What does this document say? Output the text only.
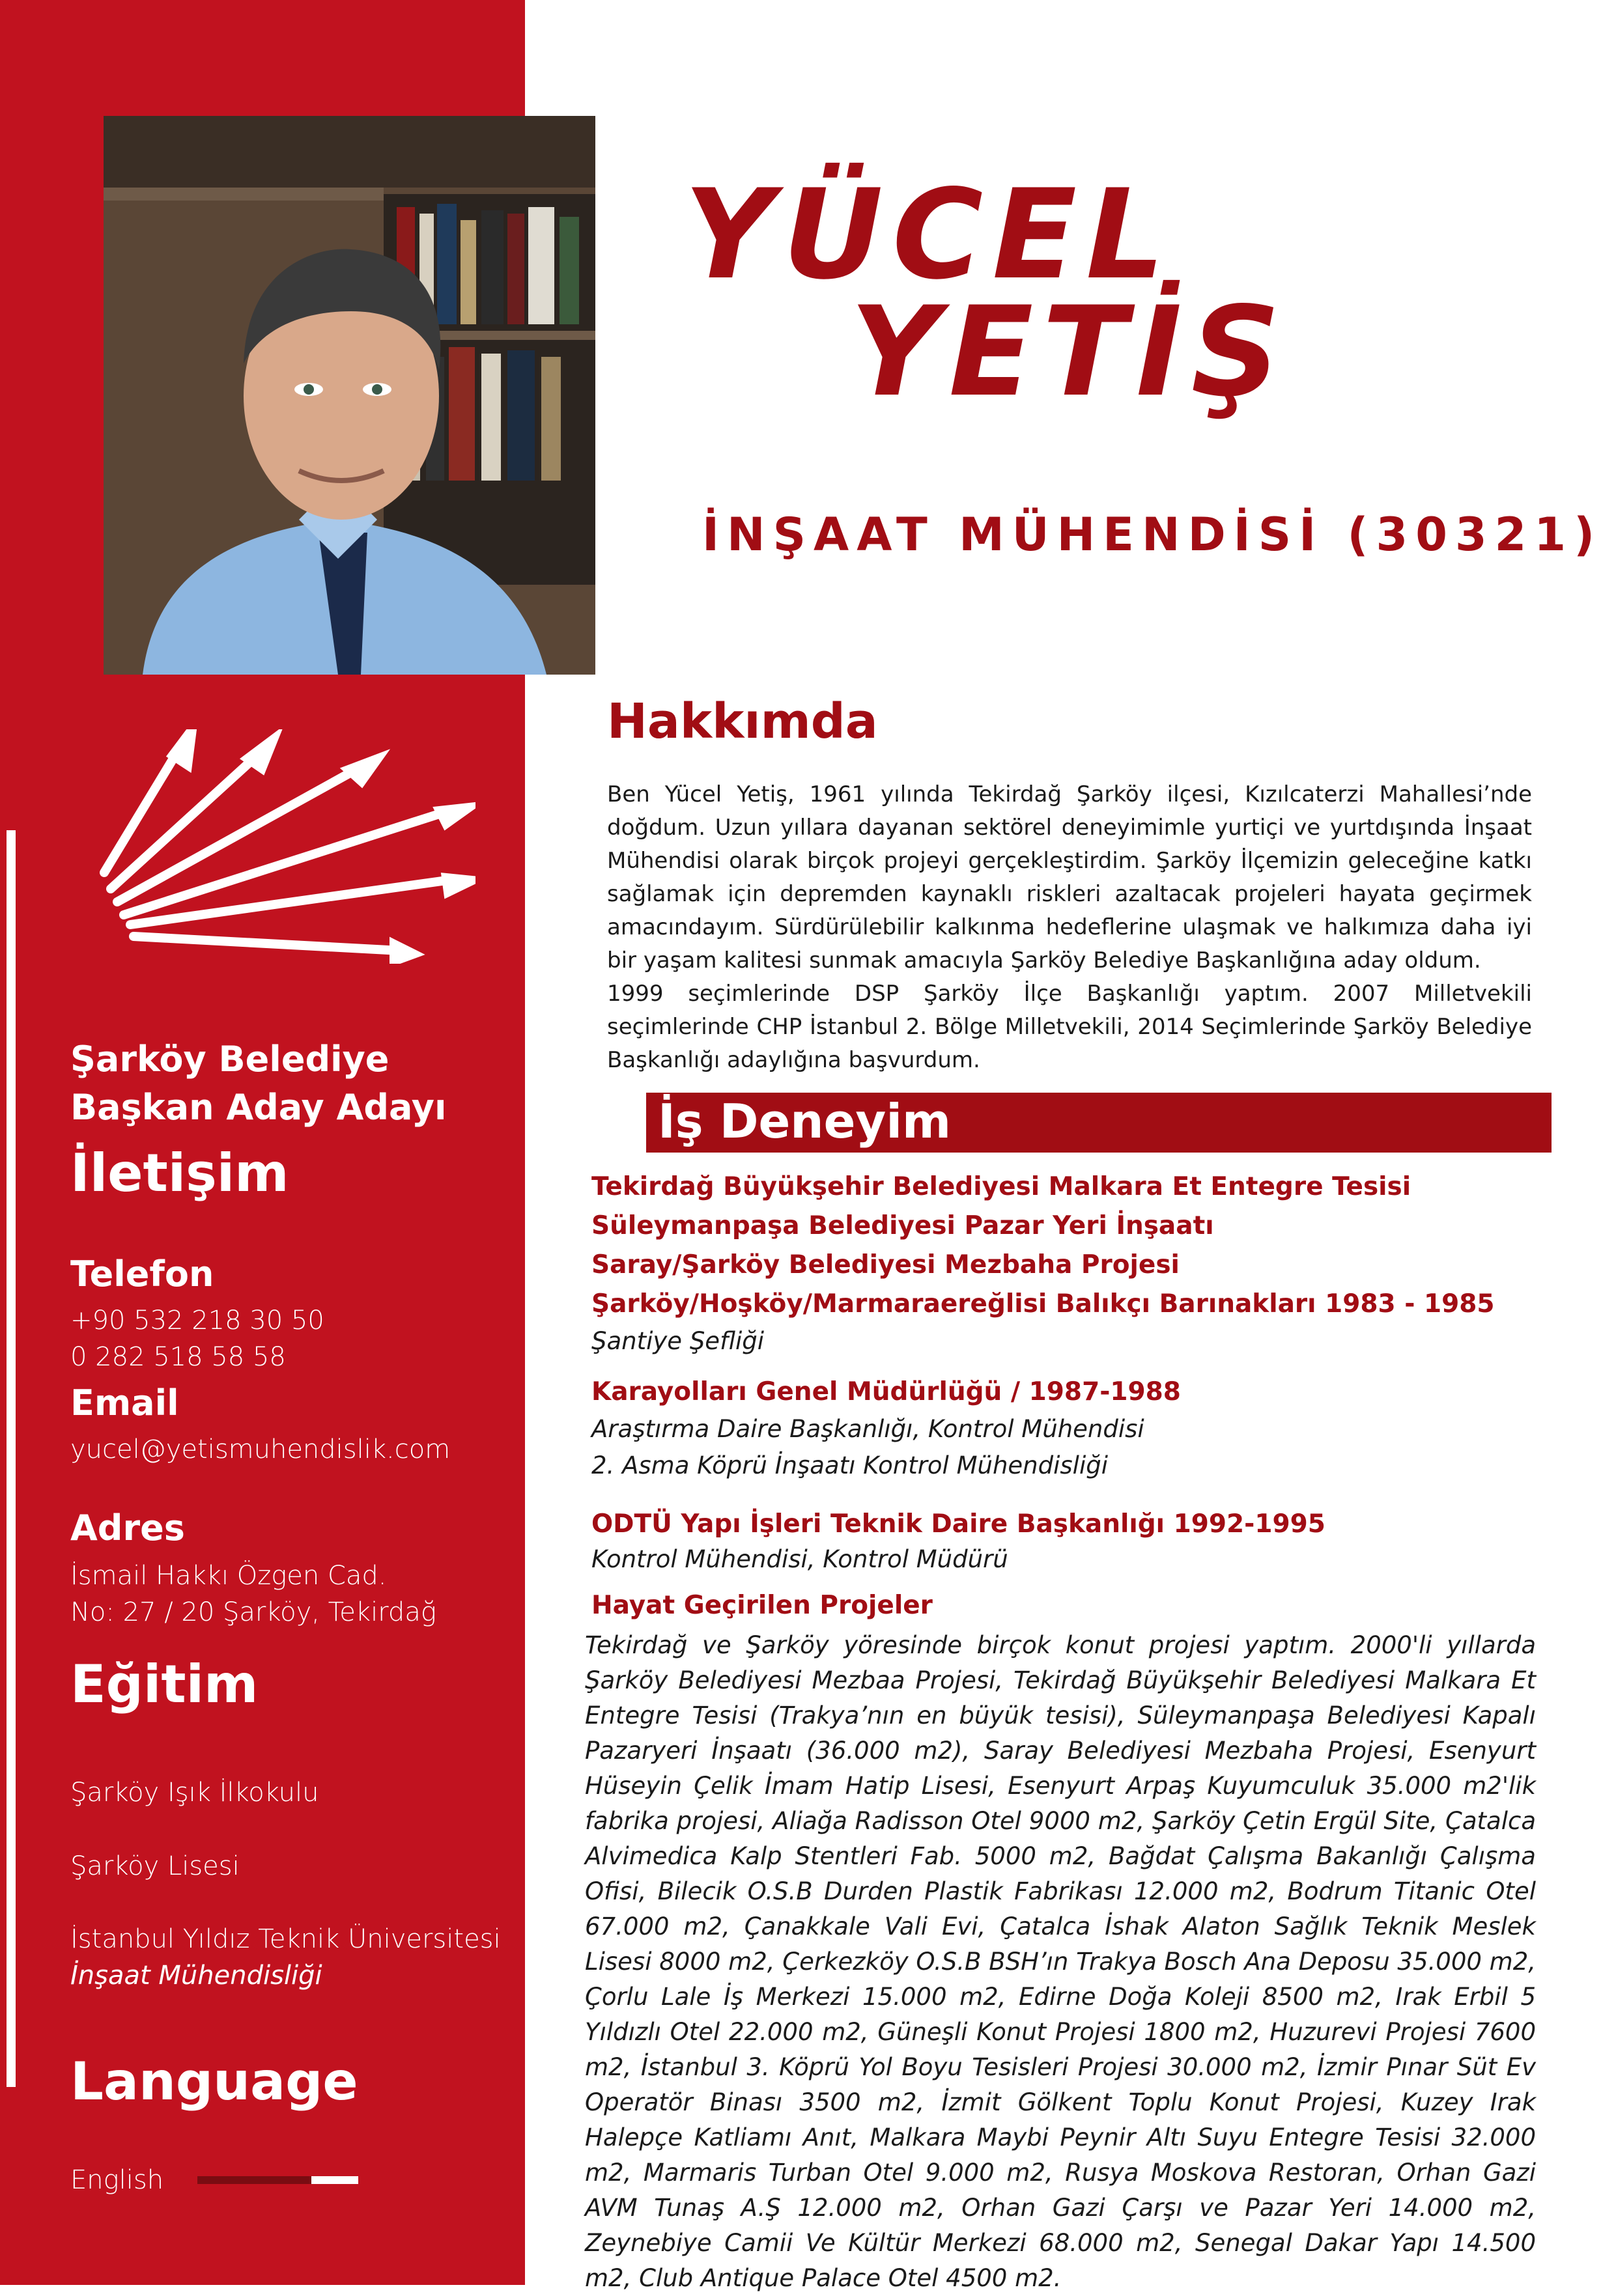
Şarköy Belediye
Başkan Aday Adayı
İletişim
Telefon
+90 532 218 30 50
0 282 518 58 58
Email
yucel@yetismuhendislik.com
Adres
İsmail Hakkı Özgen Cad.
No: 27 / 20 Şarköy, Tekirdağ
Eğitim
Şarköy Işık İlkokulu
Şarköy Lisesi
İstanbul Yıldız Teknik Üniversitesi
İnşaat Mühendisliği
Language
English
YÜCEL
YETİŞ
İNŞAAT MÜHENDİSİ (30321)
Hakkımda

Ben Yücel Yetiş, 1961 yılında Tekirdağ Şarköy ilçesi, Kızılcaterzi Mahallesi’nde doğdum. Uzun yıllara dayanan sektörel deneyimimle yurtiçi ve yurtdışında İnşaat Mühendisi olarak birçok projeyi gerçekleştirdim. Şarköy İlçemizin geleceğine katkı sağlamak için depremden kaynaklı riskleri azaltacak projeleri hayata geçirmek amacındayım. Sürdürülebilir kalkınma hedeflerine ulaşmak ve halkımıza daha iyi bir yaşam kalitesi sunmak amacıyla Şarköy Belediye Başkanlığına aday oldum.

1999 seçimlerinde DSP Şarköy İlçe Başkanlığı yaptım. 2007 Milletvekili seçimlerinde CHP İstanbul 2. Bölge Milletvekili, 2014 Seçimlerinde Şarköy Belediye Başkanlığı adaylığına başvurdum.

İş Deneyim
Tekirdağ Büyükşehir Belediyesi Malkara Et Entegre Tesisi
Süleymanpaşa Belediyesi Pazar Yeri İnşaatı
Saray/Şarköy Belediyesi Mezbaha Projesi
Şarköy/Hoşköy/Marmaraereğlisi Balıkçı Barınakları 1983 - 1985
Şantiye Şefliği
Karayolları Genel Müdürlüğü / 1987-1988
Araştırma Daire Başkanlığı, Kontrol Mühendisi
2. Asma Köprü İnşaatı Kontrol Mühendisliği
ODTÜ Yapı İşleri Teknik Daire Başkanlığı 1992-1995
Kontrol Mühendisi, Kontrol Müdürü
Hayat Geçirilen Projeler
Tekirdağ ve Şarköy yöresinde birçok konut projesi yaptım. 2000'li yıllarda Şarköy Belediyesi Mezbaa Projesi, Tekirdağ Büyükşehir Belediyesi Malkara Et Entegre Tesisi (Trakya’nın en büyük tesisi), Süleymanpaşa Belediyesi Kapalı Pazaryeri İnşaatı (36.000 m2), Saray Belediyesi Mezbaha Projesi, Esenyurt Hüseyin Çelik İmam Hatip Lisesi, Esenyurt Arpaş Kuyumculuk 35.000 m2'lik fabrika projesi, Aliağa Radisson Otel 9000 m2, Şarköy Çetin Ergül Site, Çatalca Alvimedica Kalp Stentleri Fab. 5000 m2, Bağdat Çalışma Bakanlığı Çalışma Ofisi, Bilecik O.S.B Durden Plastik Fabrikası 12.000 m2, Bodrum Titanic Otel 67.000 m2, Çanakkale Vali Evi, Çatalca İshak Alaton Sağlık Teknik Meslek Lisesi 8000 m2, Çerkezköy O.S.B BSH’ın Trakya Bosch Ana Deposu 35.000 m2, Çorlu Lale İş Merkezi 15.000 m2, Edirne Doğa Koleji 8500 m2, Irak Erbil 5 Yıldızlı Otel 22.000 m2, Güneşli Konut Projesi 1800 m2, Huzurevi Projesi 7600 m2, İstanbul 3. Köprü Yol Boyu Tesisleri Projesi 30.000 m2, İzmir Pınar Süt Ev Operatör Binası 3500 m2, İzmit Gölkent Toplu Konut Projesi, Kuzey Irak Halepçe Katliamı Anıt, Malkara Maybi Peynir Altı Suyu Entegre Tesisi 32.000 m2, Marmaris Turban Otel 9.000 m2, Rusya Moskova Restoran, Orhan Gazi AVM Tunaş A.Ş 12.000 m2, Orhan Gazi Çarşı ve Pazar Yeri 14.000 m2, Zeynebiye Camii Ve Kültür Merkezi 68.000 m2, Senegal Dakar Yapı 14.500 m2, Club Antique Palace Otel 4500 m2.
